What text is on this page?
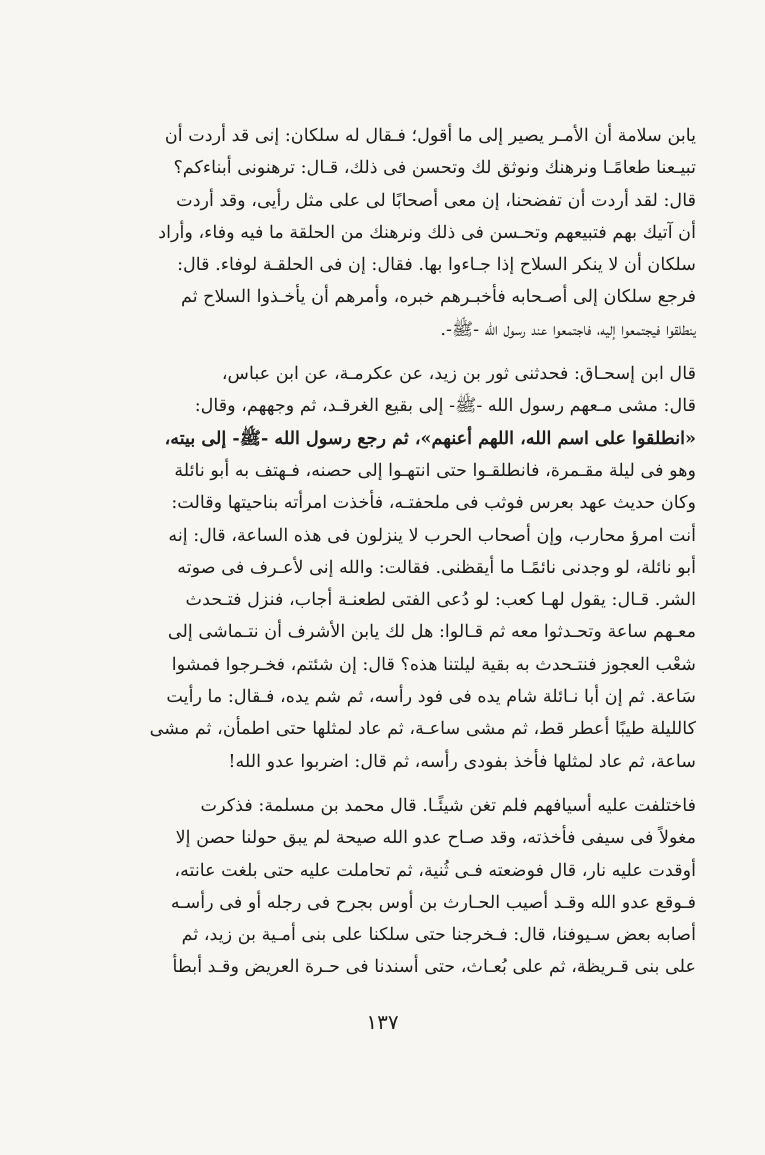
يابن سلامة أن الأمـر يصير إلى ما أقول؛ فـقال له سلكان: إنى قد أردت أن
تبيـعنا طعامًـا ونرهنك ونوثق لك وتحسن فى ذلك، قـال: ترهنونى أبناءكم؟
قال: لقد أردت أن تفضحنا، إن معى أصحابًا لى على مثل رأيى، وقد أردت
أن آتيك بهم فتبيعهم وتحـسن فى ذلك ونرهنك من الحلقة ما فيه وفاء، وأراد
سلكان أن لا ينكر السلاح إذا جـاءوا بها. فقال: إن فى الحلقـة لوفاء. قال:
فرجع سلكان إلى أصـحابه فأخبـرهم خبره، وأمرهم أن يأخـذوا السلاح ثم
ينطلقوا فيجتمعوا إليه، فاجتمعوا عند رسول الله -ﷺ-.
قال ابن إسحـاق: فحدثنى ثور بن زيد، عن عكرمـة، عن ابن عباس،
قال: مشى مـعهم رسول الله -ﷺ- إلى بقيع الغرقـد، ثم وجههم، وقال:
«انطلقوا على اسم الله، اللهم أعنهم»، ثم رجع رسول الله -ﷺ- إلى بيته،
وهو فى ليلة مقـمرة، فانطلقـوا حتى انتهـوا إلى حصنه، فـهتف به أبو نائلة
وكان حديث عهد بعرس فوثب فى ملحفتـه، فأخذت امرأته بناحيتها وقالت:
أنت امرؤ محارب، وإن أصحاب الحرب لا ينزلون فى هذه الساعة، قال: إنه
أبو نائلة، لو وجدنى نائمًـا ما أيقظنى. فقالت: والله إنى لأعـرف فى صوته
الشر. قـال: يقول لهـا كعب: لو دُعى الفتى لطعنـة أجاب، فنزل فتـحدث
معـهم ساعة وتحـدثوا معه ثم قـالوا: هل لك يابن الأشرف أن نتـماشى إلى
شعْب العجوز فنتـحدث به بقية ليلتنا هذه؟ قال: إن شئتم، فخـرجوا فمشوا
سَاعة. ثم إن أبا نـائلة شام يده فى فود رأسه، ثم شم يده، فـقال: ما رأيت
كالليلة طيبًا أعطر قط، ثم مشى ساعـة، ثم عاد لمثلها حتى اطمأن، ثم مشى
ساعة، ثم عاد لمثلها فأخذ بفودى رأسه، ثم قال: اضربوا عدو الله!
فاختلفت عليه أسيافهم فلم تغن شيئًـا. قال محمد بن مسلمة: فذكرت
مغولاً فى سيفى فأخذته، وقد صـاح عدو الله صيحة لم يبق حولنا حصن إلا
أوقدت عليه نار، قال فوضعته فـى ثُنية، ثم تحاملت عليه حتى بلغت عانته،
فـوقع عدو الله وقـد أصيب الحـارث بن أوس بجرح فى رجله أو فى رأسـه
أصابه بعض سـيوفنا، قال: فـخرجنا حتى سلكنا على بنى أمـية بن زيد، ثم
على بنى قـريظة، ثم على بُعـاث، حتى أسندنا فى حـرة العريض وقـد أبطأ
١٣٧
